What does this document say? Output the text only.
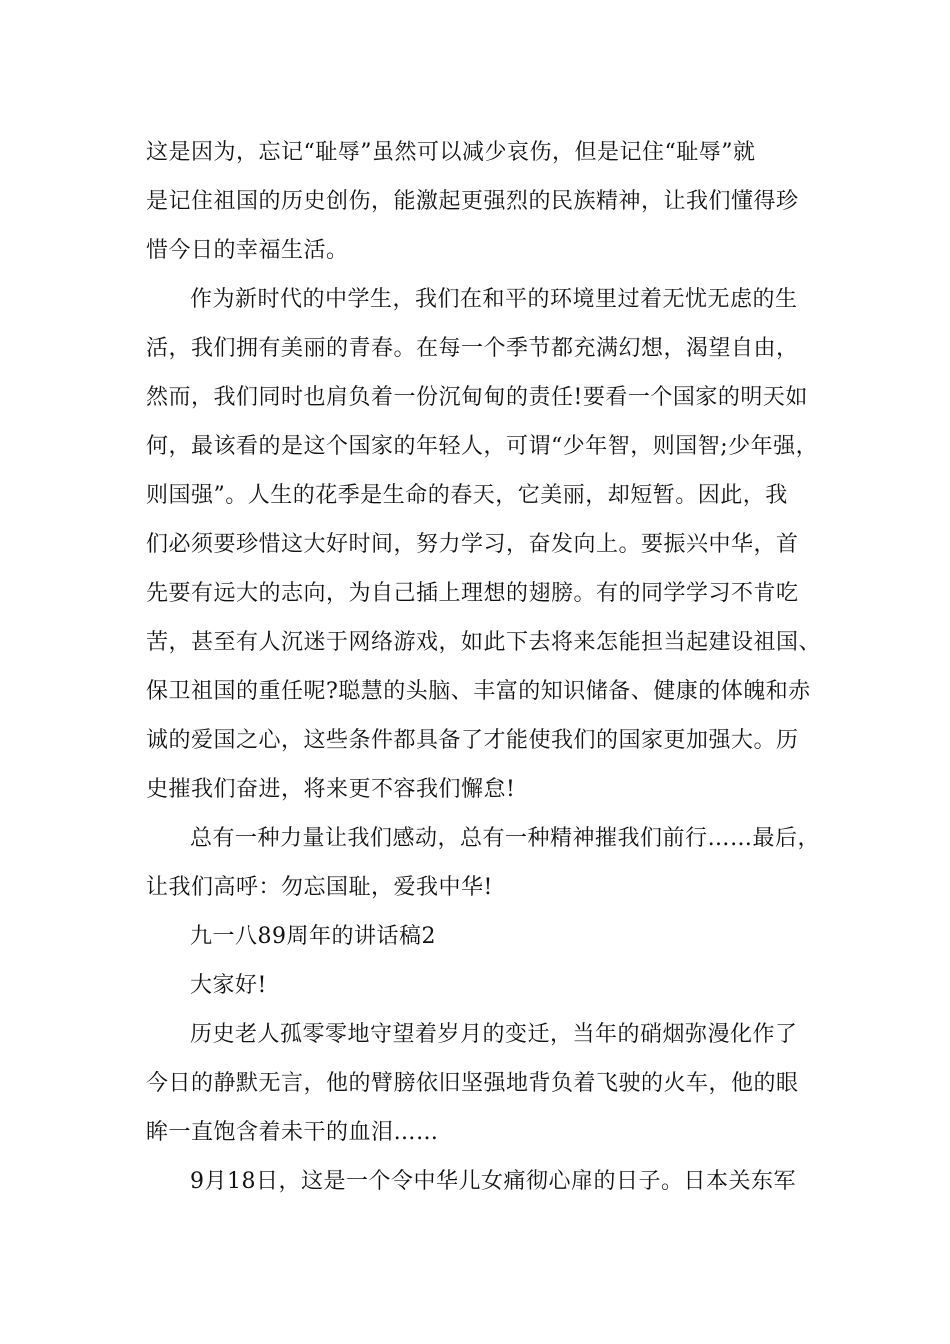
这是因为，忘记“耻辱”虽然可以减少哀伤，但是记住“耻辱”就
是记住祖国的历史创伤，能激起更强烈的民族精神，让我们懂得珍
惜今日的幸福生活。
作为新时代的中学生，我们在和平的环境里过着无忧无虑的生
活，我们拥有美丽的青春。在每一个季节都充满幻想，渴望自由，
然而，我们同时也肩负着一份沉甸甸的责任!要看一个国家的明天如
何，最该看的是这个国家的年轻人，可谓“少年智，则国智;少年强，
则国强”。人生的花季是生命的春天，它美丽，却短暂。因此，我
们必须要珍惜这大好时间，努力学习，奋发向上。要振兴中华，首
先要有远大的志向，为自己插上理想的翅膀。有的同学学习不肯吃
苦，甚至有人沉迷于网络游戏，如此下去将来怎能担当起建设祖国、
保卫祖国的重任呢?聪慧的头脑、丰富的知识储备、健康的体魄和赤
诚的爱国之心，这些条件都具备了才能使我们的国家更加强大。历
史摧我们奋进，将来更不容我们懈怠!
总有一种力量让我们感动，总有一种精神摧我们前行……最后，
让我们高呼：勿忘国耻，爱我中华!
九一八89周年的讲话稿2
大家好!
历史老人孤零零地守望着岁月的变迁，当年的硝烟弥漫化作了
今日的静默无言，他的臂膀依旧坚强地背负着飞驶的火车，他的眼
眸一直饱含着未干的血泪……
9月18日，这是一个令中华儿女痛彻心扉的日子。日本关东军
